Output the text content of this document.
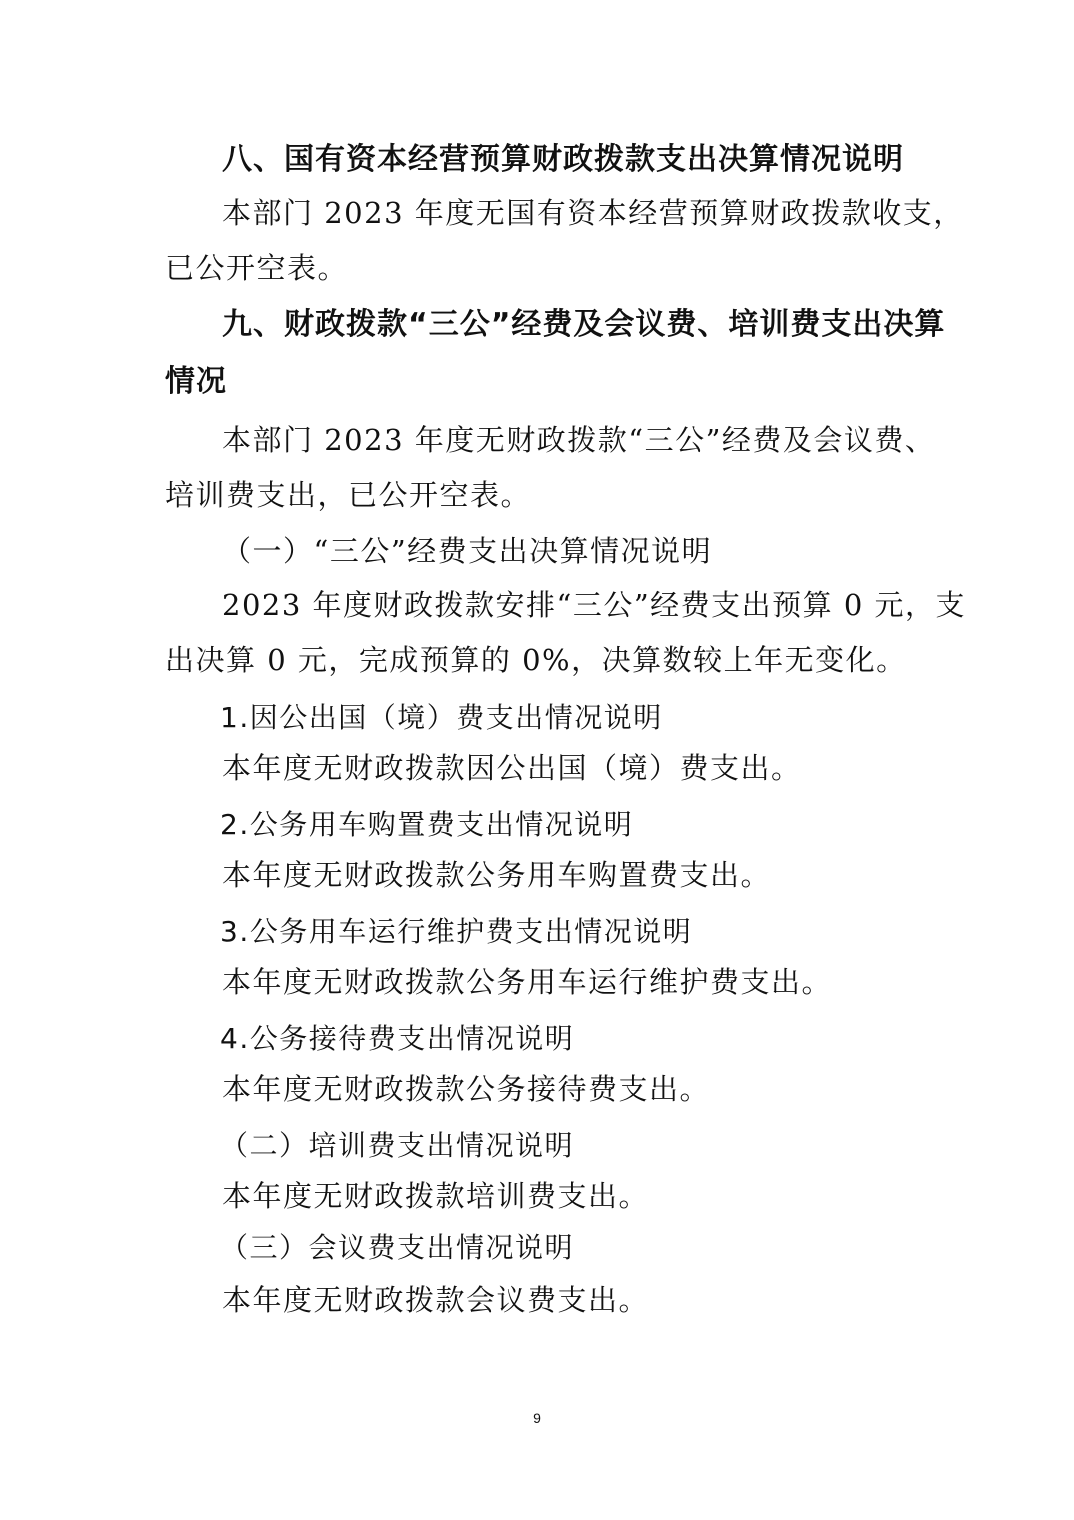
八、国有资本经营预算财政拨款支出决算情况说明
本部门 2023 年度无国有资本经营预算财政拨款收支，
已公开空表。
九、财政拨款“三公”经费及会议费、培训费支出决算
情况
本部门 2023 年度无财政拨款“三公”经费及会议费、
培训费支出，已公开空表。
（一）“三公”经费支出决算情况说明
2023 年度财政拨款安排“三公”经费支出预算 0 元，支
出决算 0 元，完成预算的 0%，决算数较上年无变化。
1.因公出国（境）费支出情况说明
本年度无财政拨款因公出国（境）费支出。
2.公务用车购置费支出情况说明
本年度无财政拨款公务用车购置费支出。
3.公务用车运行维护费支出情况说明
本年度无财政拨款公务用车运行维护费支出。
4.公务接待费支出情况说明
本年度无财政拨款公务接待费支出。
（二）培训费支出情况说明
本年度无财政拨款培训费支出。
（三）会议费支出情况说明
本年度无财政拨款会议费支出。
9
